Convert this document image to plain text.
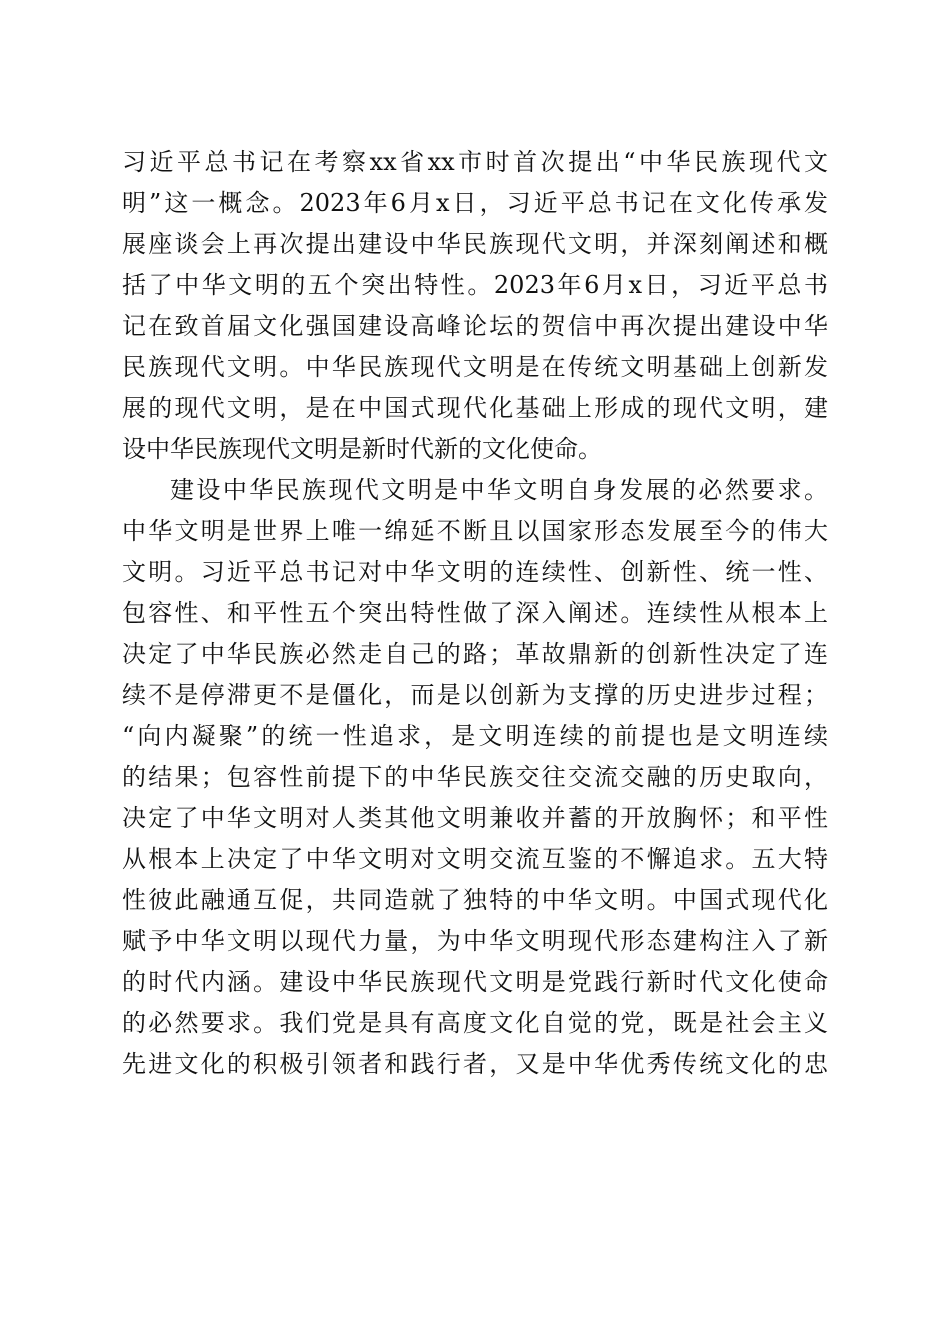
习近平总书记在考察xx省xx市时首次提出“中华民族现代文
明”这一概念。2023年6月x日，习近平总书记在文化传承发
展座谈会上再次提出建设中华民族现代文明，并深刻阐述和概
括了中华文明的五个突出特性。2023年6月x日，习近平总书
记在致首届文化强国建设高峰论坛的贺信中再次提出建设中华
民族现代文明。中华民族现代文明是在传统文明基础上创新发
展的现代文明，是在中国式现代化基础上形成的现代文明，建
设中华民族现代文明是新时代新的文化使命。
建设中华民族现代文明是中华文明自身发展的必然要求。
中华文明是世界上唯一绵延不断且以国家形态发展至今的伟大
文明。习近平总书记对中华文明的连续性、创新性、统一性、
包容性、和平性五个突出特性做了深入阐述。连续性从根本上
决定了中华民族必然走自己的路；革故鼎新的创新性决定了连
续不是停滞更不是僵化，而是以创新为支撑的历史进步过程；
“向内凝聚”的统一性追求，是文明连续的前提也是文明连续
的结果；包容性前提下的中华民族交往交流交融的历史取向，
决定了中华文明对人类其他文明兼收并蓄的开放胸怀；和平性
从根本上决定了中华文明对文明交流互鉴的不懈追求。五大特
性彼此融通互促，共同造就了独特的中华文明。中国式现代化
赋予中华文明以现代力量，为中华文明现代形态建构注入了新
的时代内涵。建设中华民族现代文明是党践行新时代文化使命
的必然要求。我们党是具有高度文化自觉的党，既是社会主义
先进文化的积极引领者和践行者，又是中华优秀传统文化的忠
